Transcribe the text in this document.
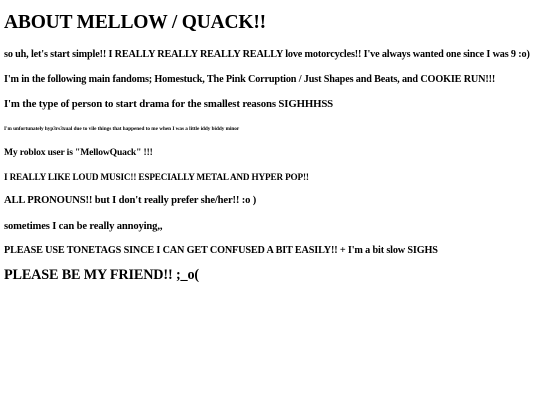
ABOUT MELLOW / QUACK!!

so uh, let's start simple!! I REALLY REALLY REALLY REALLY love motorcycles!! I've always wanted one since I was 9 :o)

I'm in the following main fandoms; Homestuck, The Pink Corruption / Just Shapes and Beats, and COOKIE RUN!!!

I'm the type of person to start drama for the smallest reasons SIGHHHSS

I'm unfortunately hyp3rs3xual due to vile things that happened to me when I was a little iddy biddy minor

My roblox user is "MellowQuack" !!!

I REALLY LIKE LOUD MUSIC!! ESPECIALLY METAL AND HYPER POP!!

ALL PRONOUNS!! but I don't really prefer she/her!! :o )

sometimes I can be really annoying,,

PLEASE USE TONETAGS SINCE I CAN GET CONFUSED A BIT EASILY!! + I'm a bit slow SIGHS

PLEASE BE MY FRIEND!! ;_o(
